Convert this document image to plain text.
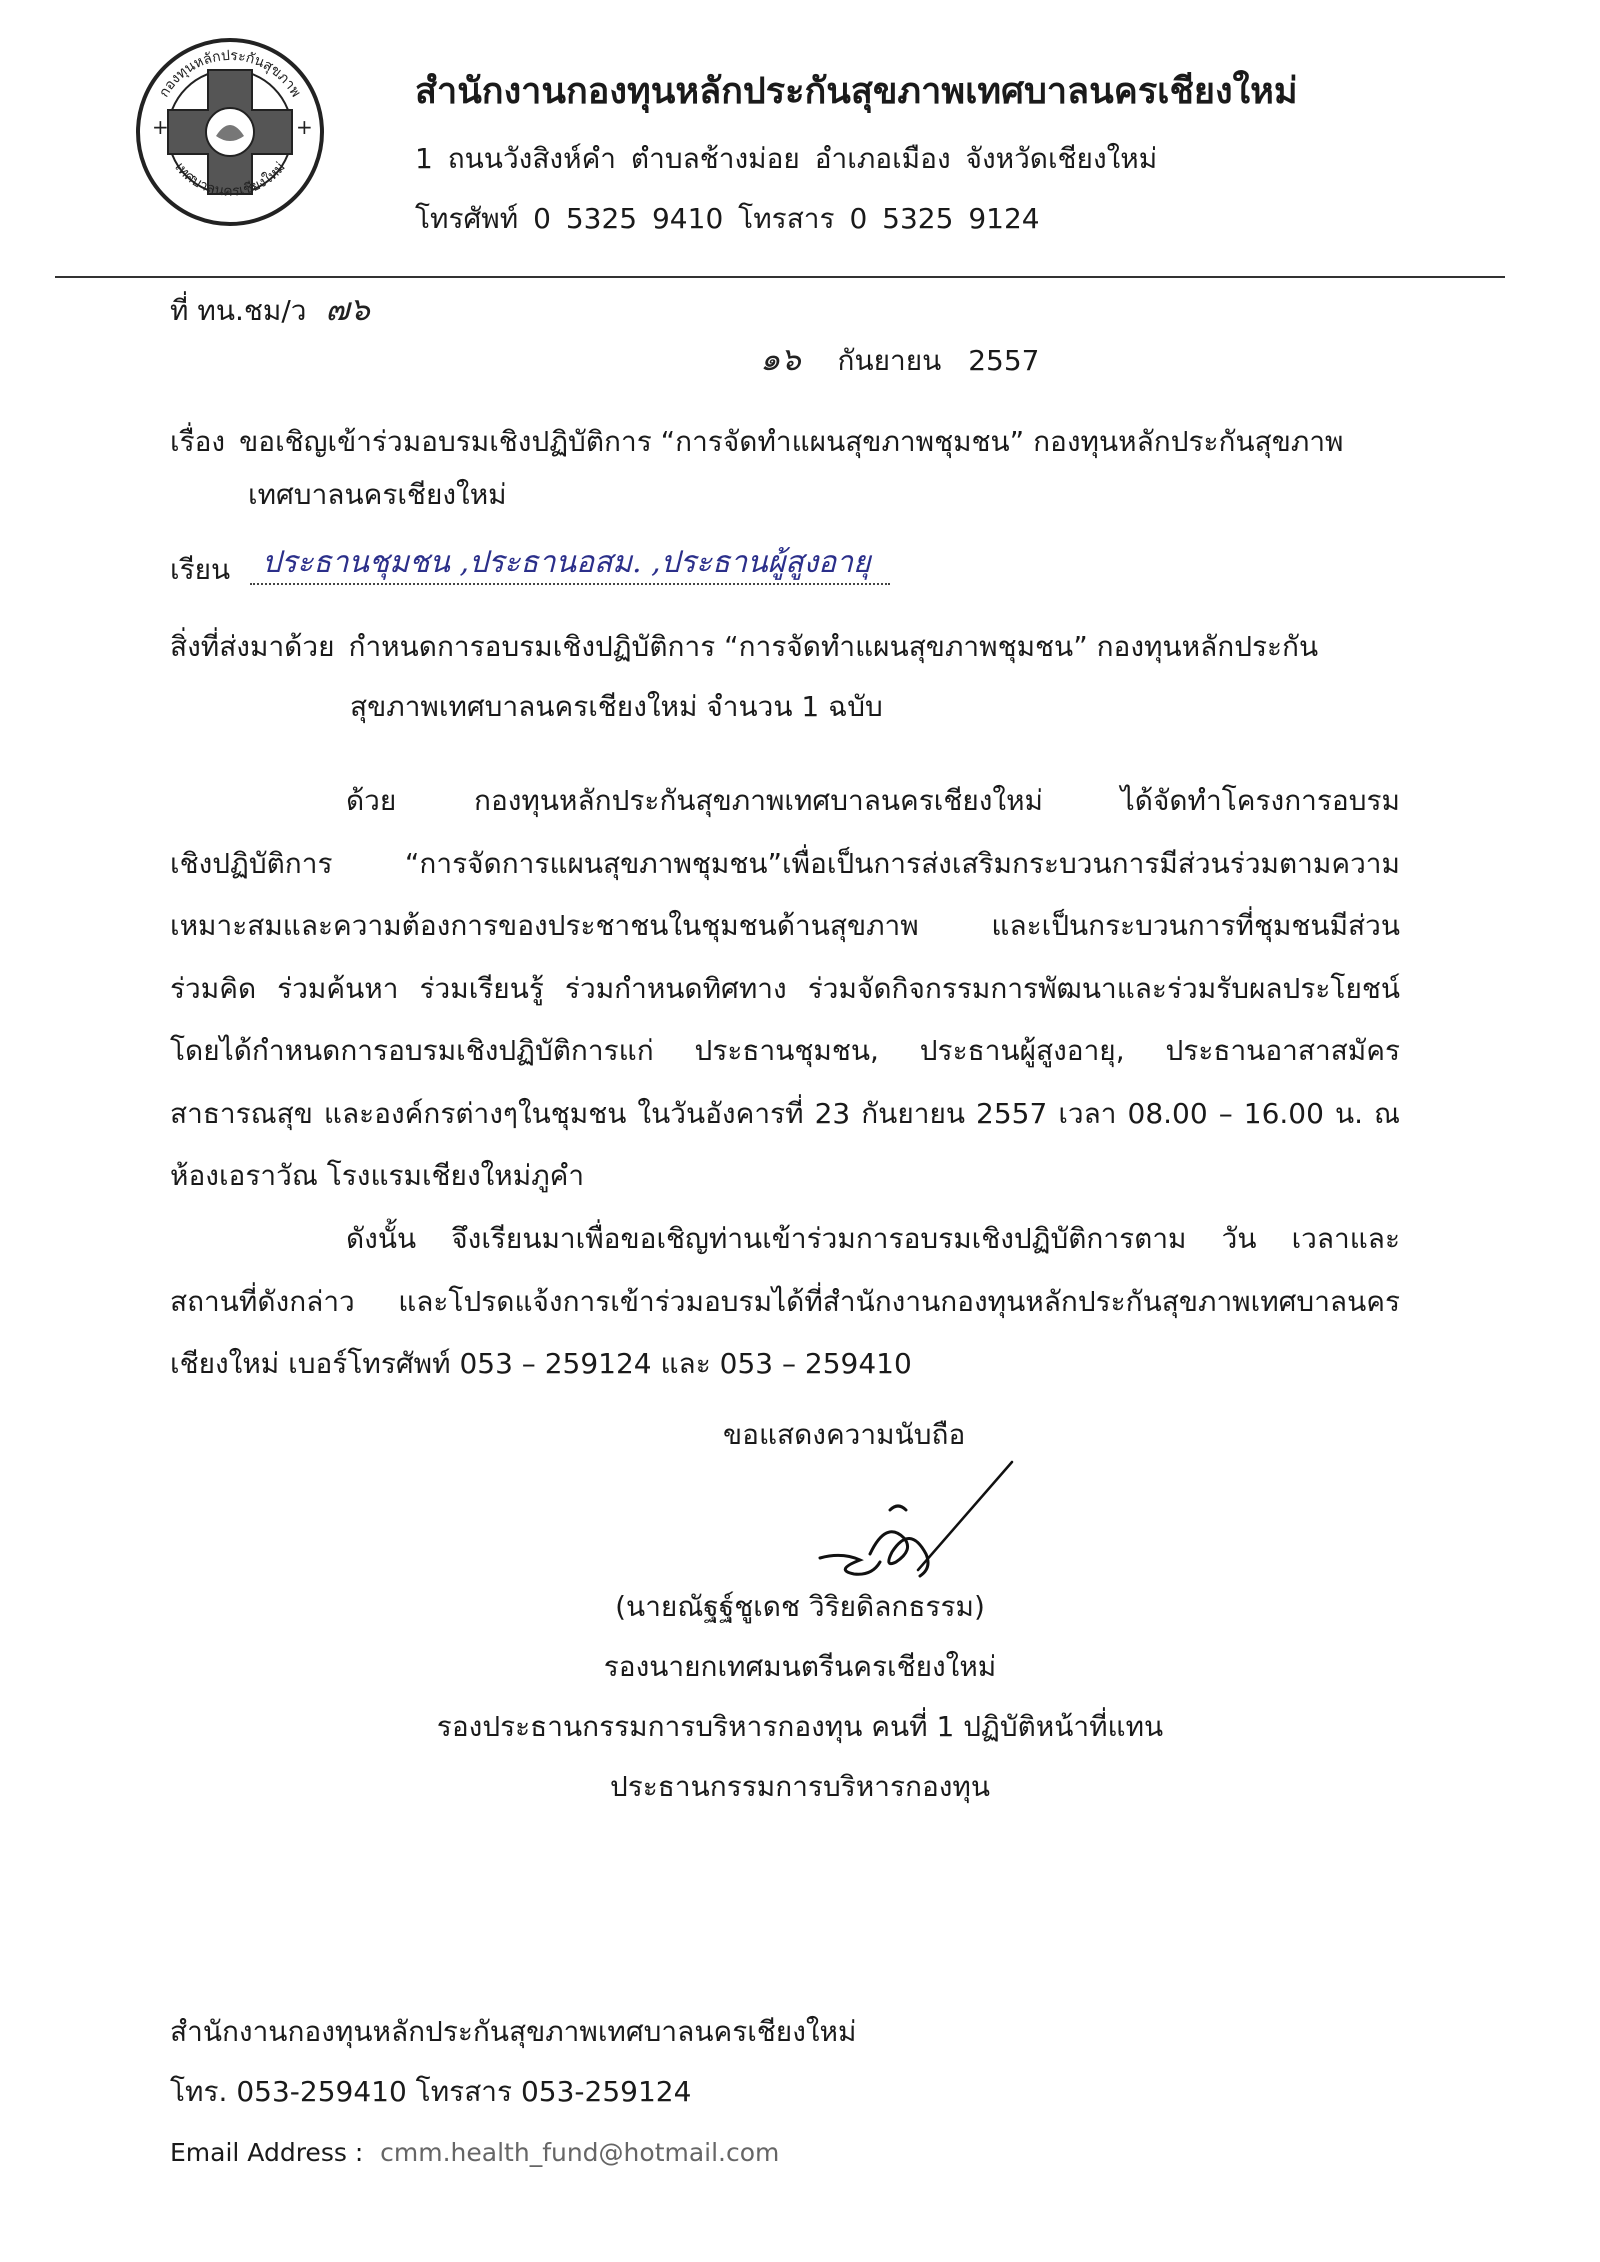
+	+
กองทุนหลักประกันสุขภาพ
เทศบาลนครเชียงใหม่
สำนักงานกองทุนหลักประกันสุขภาพเทศบาลนครเชียงใหม่
1 ถนนวังสิงห์คำ ตำบลช้างม่อย อำเภอเมือง จังหวัดเชียงใหม่
โทรศัพท์ 0 5325 9410 โทรสาร 0 5325 9124
ที่ ทน.ชม/ว ๗๖
๑๖ กันยายน 2557
เรื่อง ขอเชิญเข้าร่วมอบรมเชิงปฏิบัติการ “การจัดทำแผนสุขภาพชุมชน” กองทุนหลักประกันสุขภาพ
เทศบาลนครเชียงใหม่
เรียน ประธานชุมชน ,ประธานอสม. ,ประธานผู้สูงอายุ
สิ่งที่ส่งมาด้วย กำหนดการอบรมเชิงปฏิบัติการ “การจัดทำแผนสุขภาพชุมชน” กองทุนหลักประกัน
สุขภาพเทศบาลนครเชียงใหม่ จำนวน 1 ฉบับ
ด้วย กองทุนหลักประกันสุขภาพเทศบาลนครเชียงใหม่ ได้จัดทำโครงการอบรม
เชิงปฏิบัติการ “การจัดการแผนสุขภาพชุมชน”เพื่อเป็นการส่งเสริมกระบวนการมีส่วนร่วมตามความ
เหมาะสมและความต้องการของประชาชนในชุมชนด้านสุขภาพ และเป็นกระบวนการที่ชุมชนมีส่วน
ร่วมคิด ร่วมค้นหา ร่วมเรียนรู้ ร่วมกำหนดทิศทาง ร่วมจัดกิจกรรมการพัฒนาและร่วมรับผลประโยชน์
โดยได้กำหนดการอบรมเชิงปฏิบัติการแก่ ประธานชุมชน, ประธานผู้สูงอายุ, ประธานอาสาสมัคร
สาธารณสุข และองค์กรต่างๆในชุมชน ในวันอังคารที่ 23 กันยายน 2557 เวลา 08.00 – 16.00 น. ณ
ห้องเอราวัณ โรงแรมเชียงใหม่ภูคำ
ดังนั้น จึงเรียนมาเพื่อขอเชิญท่านเข้าร่วมการอบรมเชิงปฏิบัติการตาม วัน เวลาและ
สถานที่ดังกล่าว และโปรดแจ้งการเข้าร่วมอบรมได้ที่สำนักงานกองทุนหลักประกันสุขภาพเทศบาลนคร
เชียงใหม่ เบอร์โทรศัพท์ 053 – 259124 และ 053 – 259410
ขอแสดงความนับถือ
(นายณัฐฐ์ชูเดช วิริยดิลกธรรม)
รองนายกเทศมนตรีนครเชียงใหม่
รองประธานกรรมการบริหารกองทุน คนที่ 1 ปฏิบัติหน้าที่แทน
ประธานกรรมการบริหารกองทุน
สำนักงานกองทุนหลักประกันสุขภาพเทศบาลนครเชียงใหม่
โทร. 053-259410 โทรสาร 053-259124
Email Address : cmm.health_fund@hotmail.com
